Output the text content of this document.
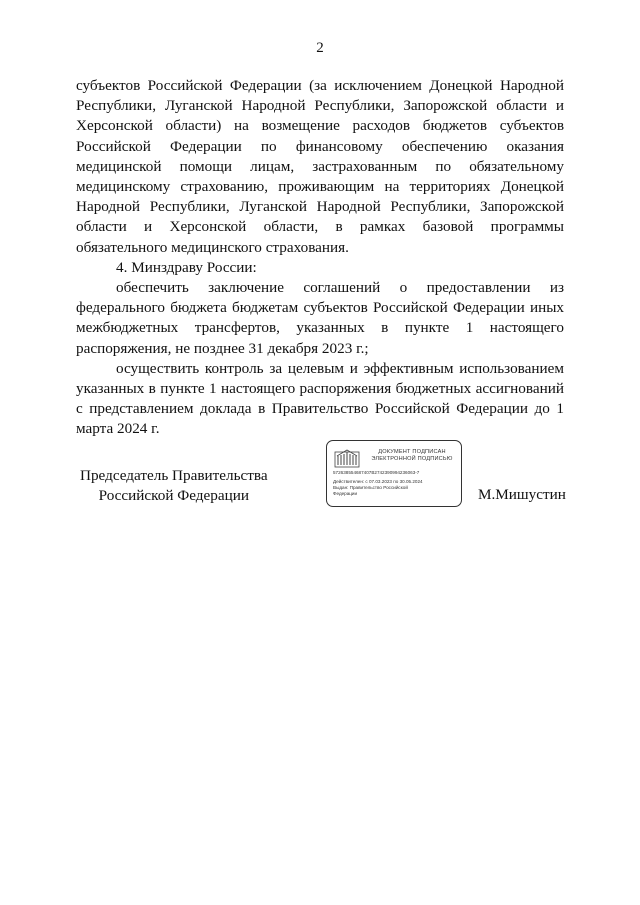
2

субъектов Российской Федерации (за исключением Донецкой Народной Республики, Луганской Народной Республики, Запорожской области и Херсонской области) на возмещение расходов бюджетов субъектов Российской Федерации по финансовому обеспечению оказания медицинской помощи лицам, застрахованным по обязательному медицинскому страхованию, проживающим на территориях Донецкой Народной Республики, Луганской Народной Республики, Запорожской области и Херсонской области, в рамках базовой программы обязательного медицинского страхования.

4. Минздраву России:

обеспечить заключение соглашений о предоставлении из федерального бюджета бюджетам субъектов Российской Федерации иных межбюджетных трансфертов, указанных в пункте 1 настоящего распоряжения, не позднее 31 декабря 2023 г.;

осуществить контроль за целевым и эффективным использованием указанных в пункте 1 настоящего распоряжения бюджетных ассигнований с представлением доклада в Правительство Российской Федерации до 1 марта 2024 г.

Председатель Правительства
Российской Федерации
ДОКУМЕНТ ПОДПИСАН
ЭЛЕКТРОННОЙ ПОДПИСЬЮ
572638554687407B2742390994236063-7
Действителен: с 07.03.2023 по 30.05.2024
Выдан: Правительство Российской
Федерации	М.Мишустин
